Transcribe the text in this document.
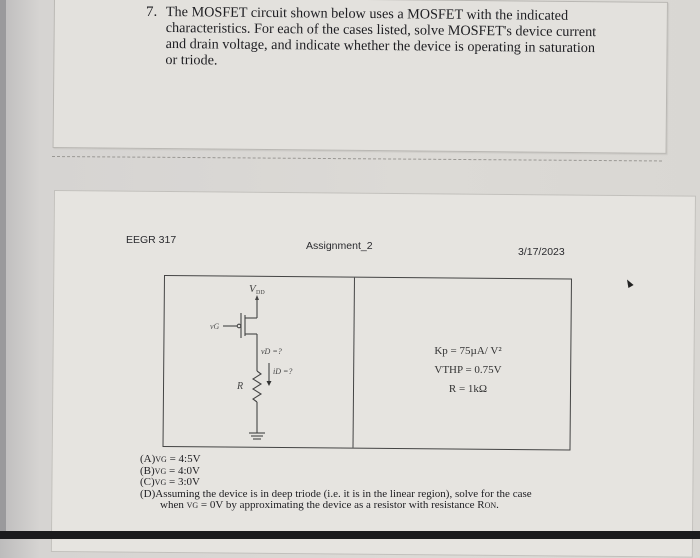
7. The MOSFET circuit shown below uses a MOSFET with the indicated characteristics. For each of the cases listed, solve MOSFET's device current and drain voltage, and indicate whether the device is operating in saturation or triode.
EEGR 317	Assignment_2	3/17/2023
V DD
vG
vD =?
iD =?
R
Kp = 75µA/ V²
VTHP = 0.75V
R = 1kΩ
(A)VG = 4:5V
(B)VG = 4:0V
(C)VG = 3:0V
(D)Assuming the device is in deep triode (i.e. it is in the linear region), solve for the case
when VG = 0V by approximating the device as a resistor with resistance RON.
